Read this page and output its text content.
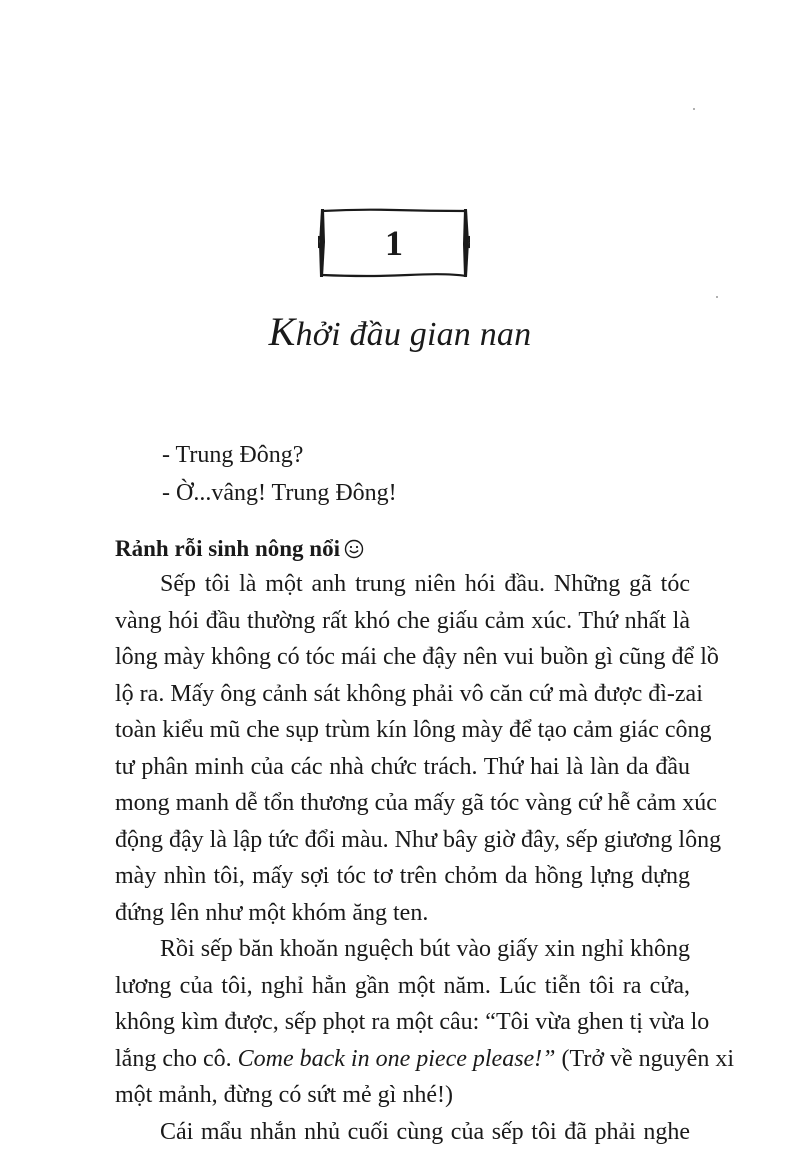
1
Khởi đầu gian nan
- Trung Đông?
- Ờ...vâng! Trung Đông!
Rảnh rỗi sinh nông nổi
Sếp tôi là một anh trung niên hói đầu. Những gã tóc
vàng hói đầu thường rất khó che giấu cảm xúc. Thứ nhất là
lông mày không có tóc mái che đậy nên vui buồn gì cũng để lồ
lộ ra. Mấy ông cảnh sát không phải vô căn cứ mà được đì-zai
toàn kiểu mũ che sụp trùm kín lông mày để tạo cảm giác công
tư phân minh của các nhà chức trách. Thứ hai là làn da đầu
mong manh dễ tổn thương của mấy gã tóc vàng cứ hễ cảm xúc
động đậy là lập tức đổi màu. Như bây giờ đây, sếp giương lông
mày nhìn tôi, mấy sợi tóc tơ trên chỏm da hồng lựng dựng
đứng lên như một khóm ăng ten.
Rồi sếp băn khoăn nguệch bút vào giấy xin nghỉ không
lương của tôi, nghỉ hẳn gần một năm. Lúc tiễn tôi ra cửa,
không kìm được, sếp phọt ra một câu: “Tôi vừa ghen tị vừa lo
lắng cho cô. Come back in one piece please!” (Trở về nguyên xi
một mảnh, đừng có sứt mẻ gì nhé!)
Cái mẩu nhắn nhủ cuối cùng của sếp tôi đã phải nghe
